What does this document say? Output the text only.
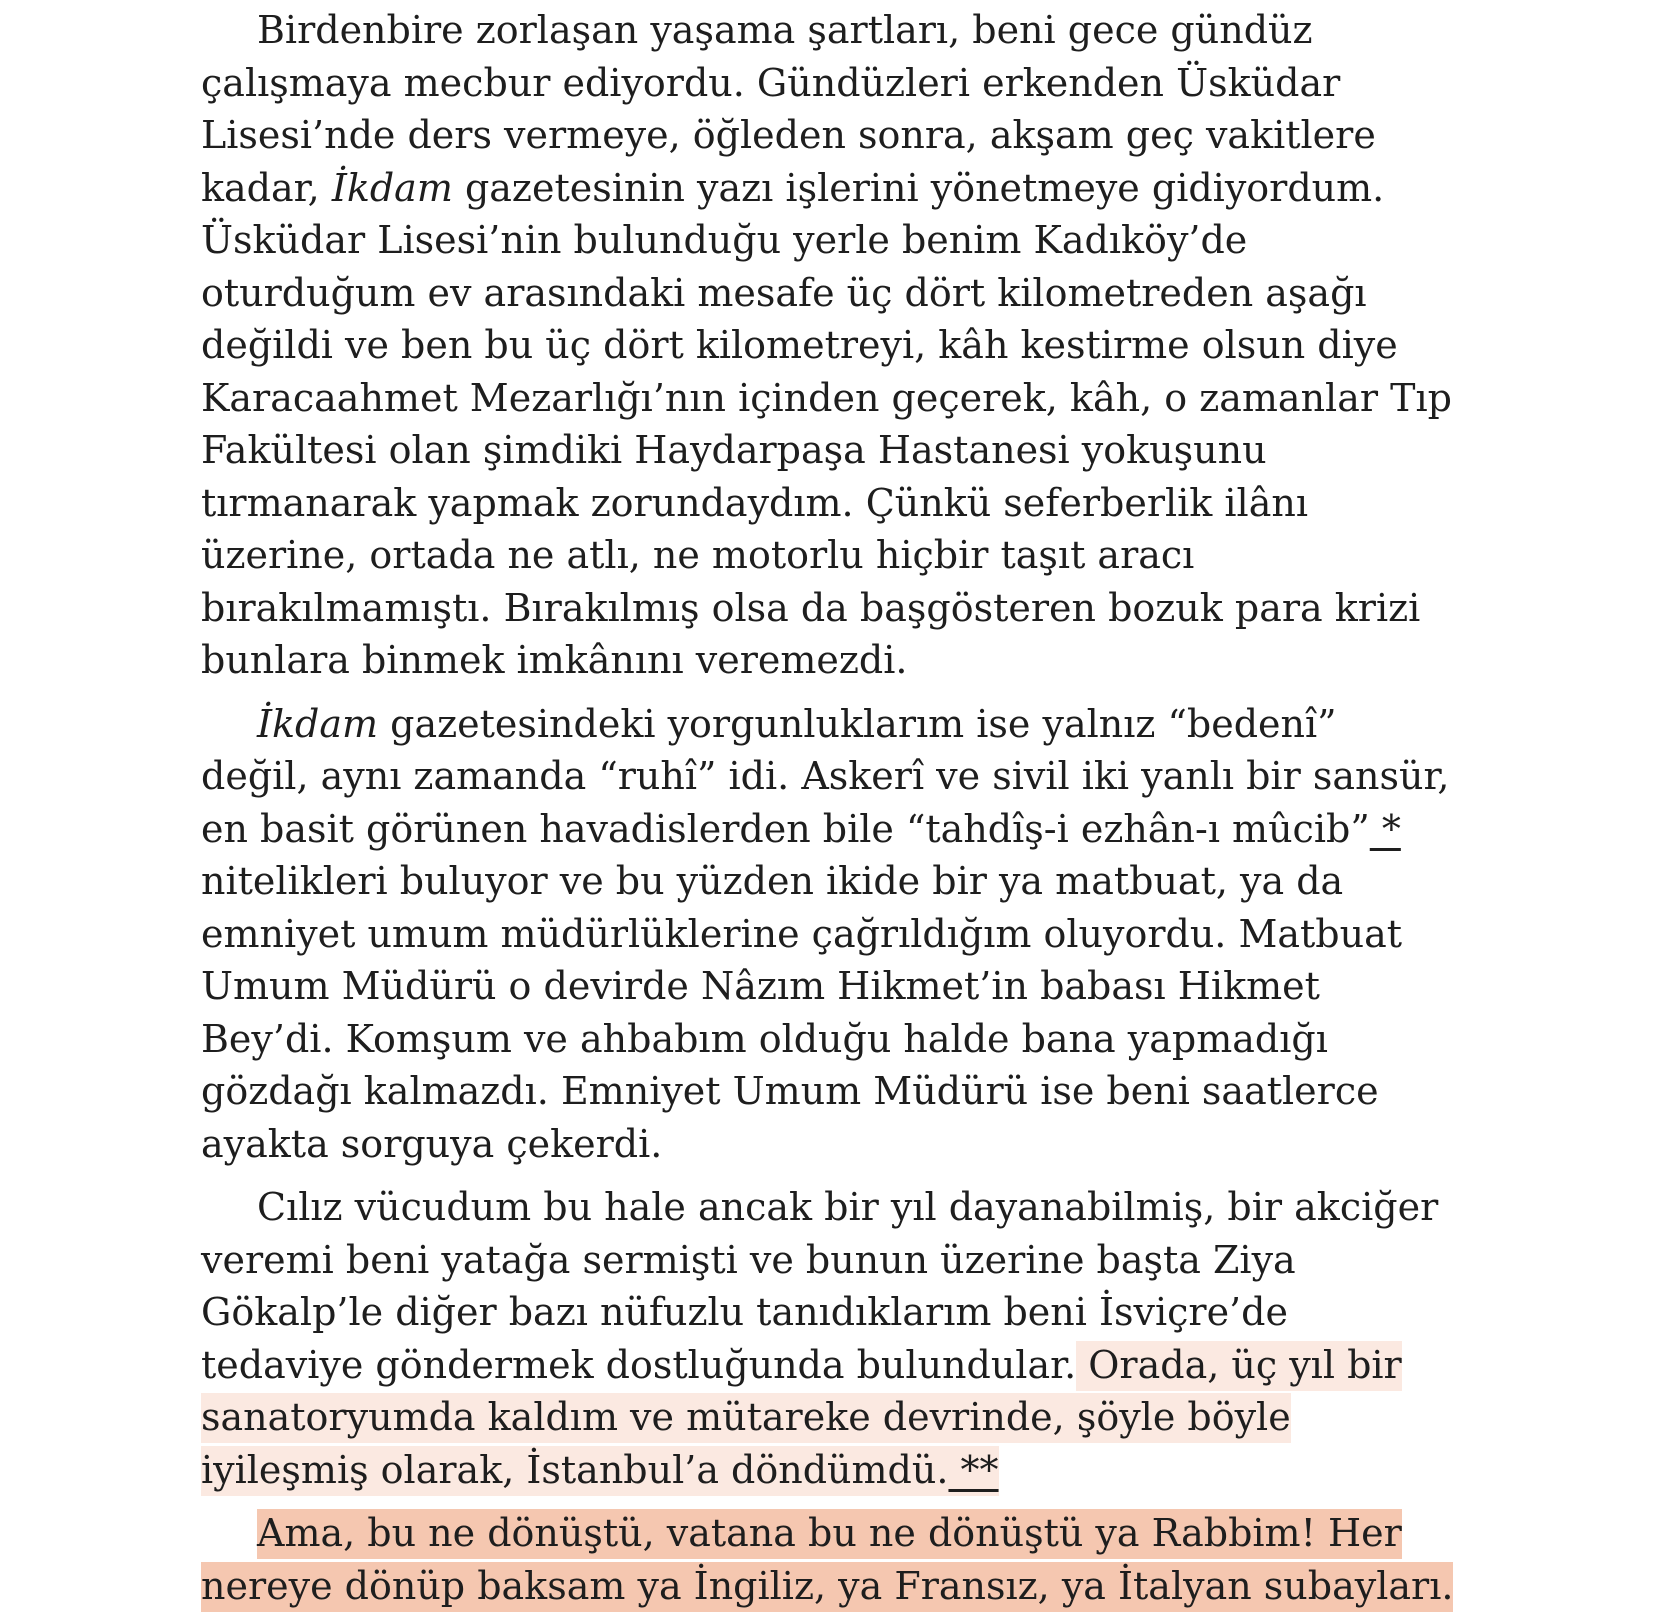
Birdenbire zorlaşan yaşama şartları, beni gece gündüz
çalışmaya mecbur ediyordu. Gündüzleri erkenden Üsküdar
Lisesi’nde ders vermeye, öğleden sonra, akşam geç vakitlere
kadar, İkdam gazetesinin yazı işlerini yönetmeye gidiyordum.
Üsküdar Lisesi’nin bulunduğu yerle benim Kadıköy’de
oturduğum ev arasındaki mesafe üç dört kilometreden aşağı
değildi ve ben bu üç dört kilometreyi, kâh kestirme olsun diye
Karacaahmet Mezarlığı’nın içinden geçerek, kâh, o zamanlar Tıp
Fakültesi olan şimdiki Haydarpaşa Hastanesi yokuşunu
tırmanarak yapmak zorundaydım. Çünkü seferberlik ilânı
üzerine, ortada ne atlı, ne motorlu hiçbir taşıt aracı
bırakılmamıştı. Bırakılmış olsa da başgösteren bozuk para krizi
bunlara binmek imkânını veremezdi.
İkdam gazetesindeki yorgunluklarım ise yalnız “bedenî”
değil, aynı zamanda “ruhî” idi. Askerî ve sivil iki yanlı bir sansür,
en basit görünen havadislerden bile “tahdîş-i ezhân-ı mûcib” *
nitelikleri buluyor ve bu yüzden ikide bir ya matbuat, ya da
emniyet umum müdürlüklerine çağrıldığım oluyordu. Matbuat
Umum Müdürü o devirde Nâzım Hikmet’in babası Hikmet
Bey’di. Komşum ve ahbabım olduğu halde bana yapmadığı
gözdağı kalmazdı. Emniyet Umum Müdürü ise beni saatlerce
ayakta sorguya çekerdi.
Cılız vücudum bu hale ancak bir yıl dayanabilmiş, bir akciğer
veremi beni yatağa sermişti ve bunun üzerine başta Ziya
Gökalp’le diğer bazı nüfuzlu tanıdıklarım beni İsviçre’de
tedaviye göndermek dostluğunda bulundular. Orada, üç yıl bir
sanatoryumda kaldım ve mütareke devrinde, şöyle böyle
iyileşmiş olarak, İstanbul’a döndümdü. **
Ama, bu ne dönüştü, vatana bu ne dönüştü ya Rabbim! Her
nereye dönüp baksam ya İngiliz, ya Fransız, ya İtalyan subayları.
